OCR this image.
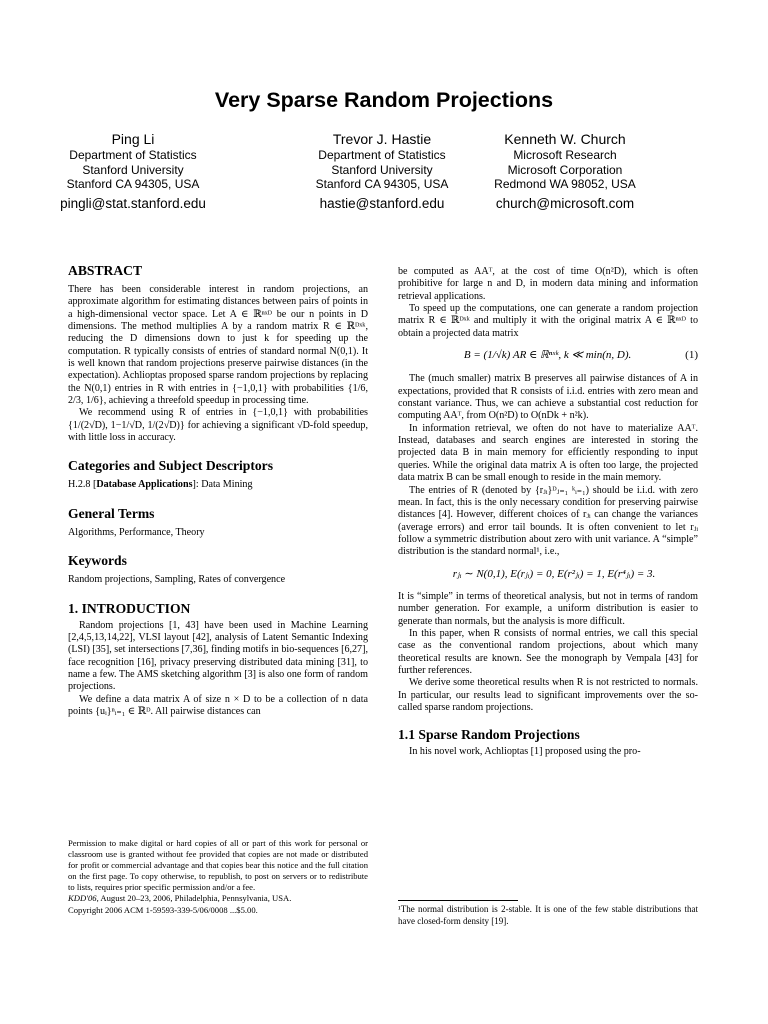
Very Sparse Random Projections
Ping Li
Department of Statistics
Stanford University
Stanford CA 94305, USA
pingli@stat.stanford.edu
Trevor J. Hastie
Department of Statistics
Stanford University
Stanford CA 94305, USA
hastie@stanford.edu
Kenneth W. Church
Microsoft Research
Microsoft Corporation
Redmond WA 98052, USA
church@microsoft.com
ABSTRACT

There has been considerable interest in random projections, an approximate algorithm for estimating distances between pairs of points in a high-dimensional vector space. Let A ∈ ℝⁿˣᴰ be our n points in D dimensions. The method multiplies A by a random matrix R ∈ ℝᴰˣᵏ, reducing the D dimensions down to just k for speeding up the computation. R typically consists of entries of standard normal N(0,1). It is well known that random projections preserve pairwise distances (in the expectation). Achlioptas proposed sparse random projections by replacing the N(0,1) entries in R with entries in {−1,0,1} with probabilities {1/6, 2/3, 1/6}, achieving a threefold speedup in processing time.

We recommend using R of entries in {−1,0,1} with probabilities {1/(2√D), 1−1/√D, 1/(2√D)} for achieving a significant √D-fold speedup, with little loss in accuracy.

Categories and Subject Descriptors

H.2.8 [Database Applications]: Data Mining

General Terms

Algorithms, Performance, Theory

Keywords

Random projections, Sampling, Rates of convergence

1. INTRODUCTION

Random projections [1, 43] have been used in Machine Learning [2,4,5,13,14,22], VLSI layout [42], analysis of Latent Semantic Indexing (LSI) [35], set intersections [7,36], finding motifs in bio-sequences [6,27], face recognition [16], privacy preserving distributed data mining [31], to name a few. The AMS sketching algorithm [3] is also one form of random projections.

We define a data matrix A of size n × D to be a collection of n data points {uᵢ}ⁿᵢ₌₁ ∈ ℝᴰ. All pairwise distances can

Permission to make digital or hard copies of all or part of this work for personal or classroom use is granted without fee provided that copies are not made or distributed for profit or commercial advantage and that copies bear this notice and the full citation on the first page. To copy otherwise, to republish, to post on servers or to redistribute to lists, requires prior specific permission and/or a fee.

KDD'06, August 20–23, 2006, Philadelphia, Pennsylvania, USA.

Copyright 2006 ACM 1-59593-339-5/06/0008 ...$5.00.

be computed as AAᵀ, at the cost of time O(n²D), which is often prohibitive for large n and D, in modern data mining and information retrieval applications.

To speed up the computations, one can generate a random projection matrix R ∈ ℝᴰˣᵏ and multiply it with the original matrix A ∈ ℝⁿˣᴰ to obtain a projected data matrix

B = (1/√k) AR ∈ ℝⁿˣᵏ, k ≪ min(n, D).	(1)

The (much smaller) matrix B preserves all pairwise distances of A in expectations, provided that R consists of i.i.d. entries with zero mean and constant variance. Thus, we can achieve a substantial cost reduction for computing AAᵀ, from O(n²D) to O(nDk + n²k).

In information retrieval, we often do not have to materialize AAᵀ. Instead, databases and search engines are interested in storing the projected data B in main memory for efficiently responding to input queries. While the original data matrix A is often too large, the projected data matrix B can be small enough to reside in the main memory.

The entries of R (denoted by {rⱼᵢ}ᴰⱼ₌₁ ᵏᵢ₌₁) should be i.i.d. with zero mean. In fact, this is the only necessary condition for preserving pairwise distances [4]. However, different choices of rⱼᵢ can change the variances (average errors) and error tail bounds. It is often convenient to let rⱼᵢ follow a symmetric distribution about zero with unit variance. A “simple” distribution is the standard normal¹, i.e.,

rⱼᵢ ∼ N(0,1), E(rⱼᵢ) = 0, E(r²ⱼᵢ) = 1, E(r⁴ⱼᵢ) = 3.

It is “simple” in terms of theoretical analysis, but not in terms of random number generation. For example, a uniform distribution is easier to generate than normals, but the analysis is more difficult.

In this paper, when R consists of normal entries, we call this special case as the conventional random projections, about which many theoretical results are known. See the monograph by Vempala [43] for further references.

We derive some theoretical results when R is not restricted to normals. In particular, our results lead to significant improvements over the so-called sparse random projections.

1.1 Sparse Random Projections

In his novel work, Achlioptas [1] proposed using the pro-

¹The normal distribution is 2-stable. It is one of the few stable distributions that have closed-form density [19].
